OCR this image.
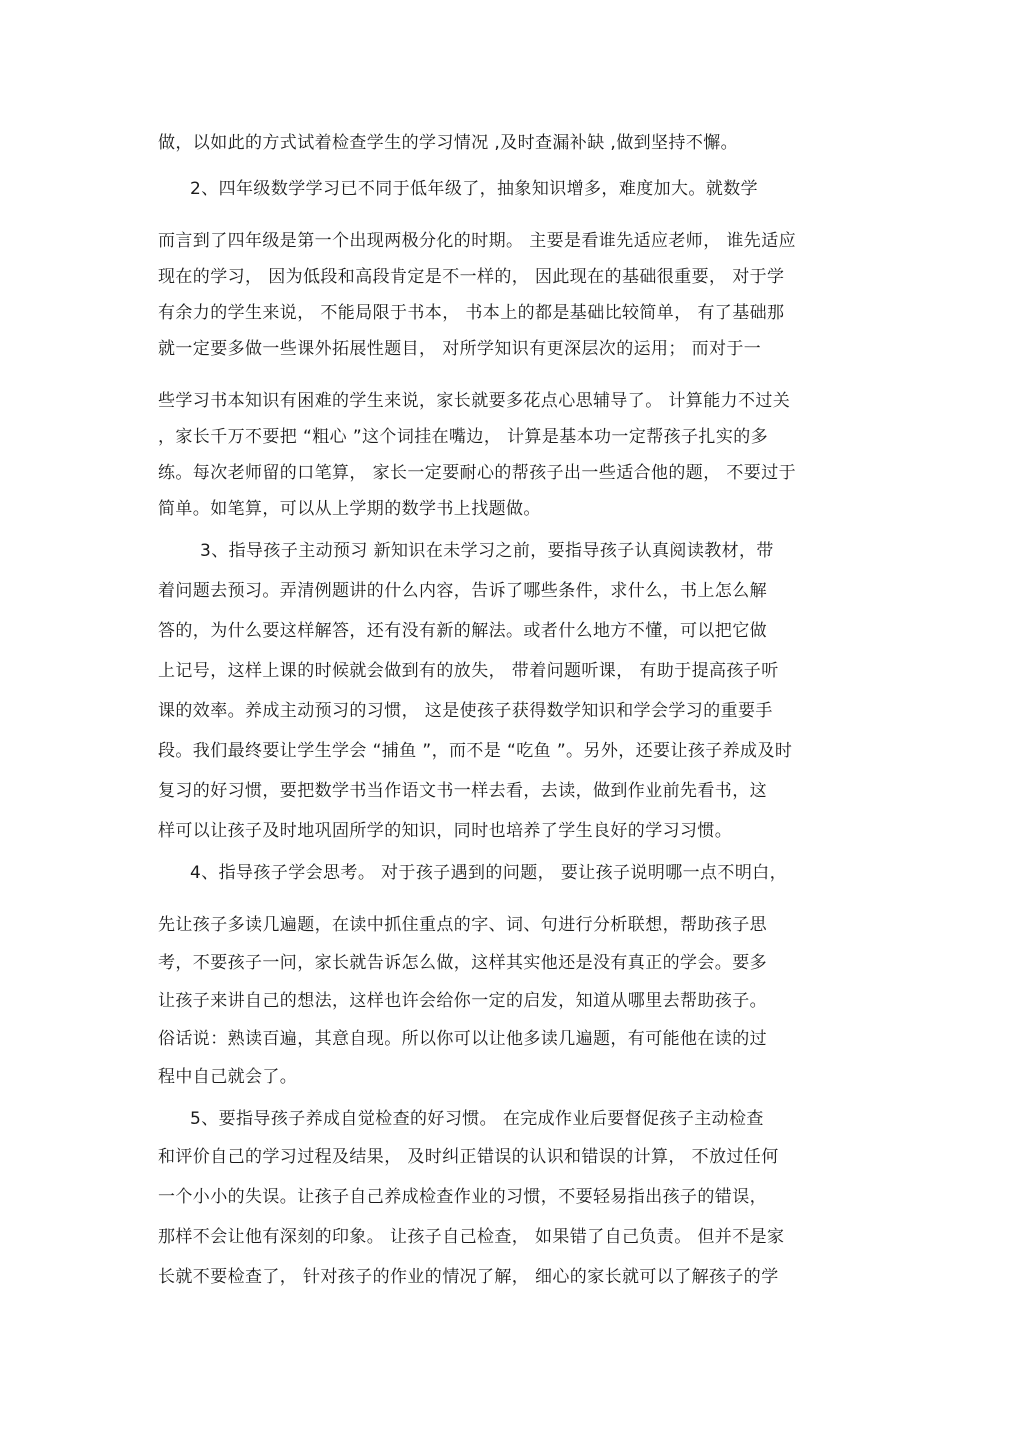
做，以如此的方式试着检查学生的学习情况 ,及时查漏补缺 ,做到坚持不懈。
2、四年级数学学习已不同于低年级了，抽象知识增多，难度加大。就数学
而言到了四年级是第一个出现两极分化的时期。 主要是看谁先适应老师， 谁先适应
现在的学习， 因为低段和高段肯定是不一样的， 因此现在的基础很重要， 对于学
有余力的学生来说， 不能局限于书本， 书本上的都是基础比较简单， 有了基础那
就一定要多做一些课外拓展性题目， 对所学知识有更深层次的运用； 而对于一
些学习书本知识有困难的学生来说，家长就要多花点心思辅导了。 计算能力不过关
，家长千万不要把 “粗心 ”这个词挂在嘴边， 计算是基本功一定帮孩子扎实的多
练。每次老师留的口笔算， 家长一定要耐心的帮孩子出一些适合他的题， 不要过于
简单。如笔算，可以从上学期的数学书上找题做。
3、指导孩子主动预习 新知识在未学习之前，要指导孩子认真阅读教材，带
着问题去预习。弄清例题讲的什么内容，告诉了哪些条件，求什么，书上怎么解
答的，为什么要这样解答，还有没有新的解法。或者什么地方不懂，可以把它做
上记号，这样上课的时候就会做到有的放失， 带着问题听课， 有助于提高孩子听
课的效率。养成主动预习的习惯， 这是使孩子获得数学知识和学会学习的重要手
段。我们最终要让学生学会 “捕鱼 ”，而不是 “吃鱼 ”。另外，还要让孩子养成及时
复习的好习惯，要把数学书当作语文书一样去看，去读，做到作业前先看书，这
样可以让孩子及时地巩固所学的知识，同时也培养了学生良好的学习习惯。
4、指导孩子学会思考。 对于孩子遇到的问题， 要让孩子说明哪一点不明白，
先让孩子多读几遍题，在读中抓住重点的字、词、句进行分析联想，帮助孩子思
考，不要孩子一问，家长就告诉怎么做，这样其实他还是没有真正的学会。要多
让孩子来讲自己的想法，这样也许会给你一定的启发，知道从哪里去帮助孩子。
俗话说：熟读百遍，其意自现。所以你可以让他多读几遍题，有可能他在读的过
程中自己就会了。
5、要指导孩子养成自觉检查的好习惯。 在完成作业后要督促孩子主动检查
和评价自己的学习过程及结果， 及时纠正错误的认识和错误的计算， 不放过任何
一个小小的失误。让孩子自己养成检查作业的习惯，不要轻易指出孩子的错误，
那样不会让他有深刻的印象。 让孩子自己检查， 如果错了自己负责。 但并不是家
长就不要检查了， 针对孩子的作业的情况了解， 细心的家长就可以了解孩子的学
